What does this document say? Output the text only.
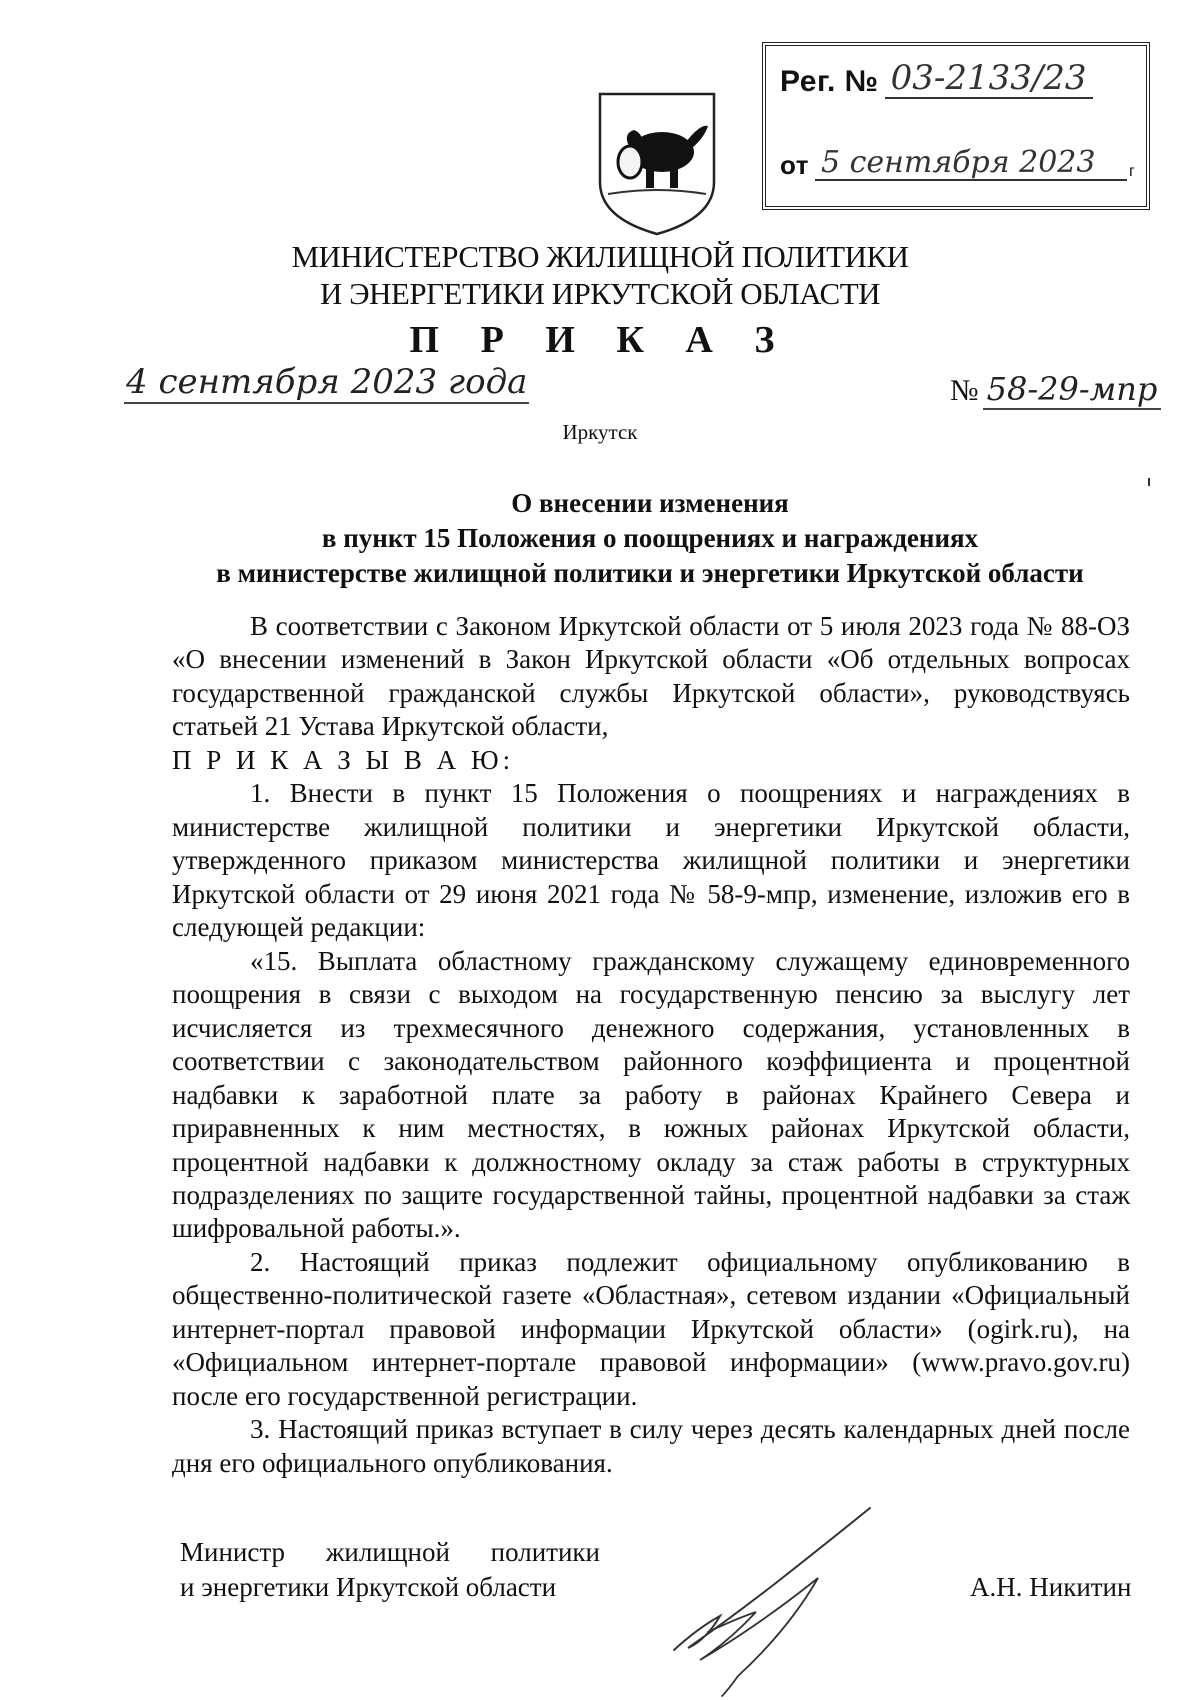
Рег. № 03-2133/23
от 5 сентября 2023	г
МИНИСТЕРСТВО ЖИЛИЩНОЙ ПОЛИТИКИ
И ЭНЕРГЕТИКИ ИРКУТСКОЙ ОБЛАСТИ
П Р И К А З
4 сентября 2023 года	№ 58-29-мпр
Иркутск
О внесении изменения
в пункт 15 Положения о поощрениях и награждениях
в министерстве жилищной политики и энергетики Иркутской области

В соответствии с Законом Иркутской области от 5 июля 2023 года № 88-ОЗ «О внесении изменений в Закон Иркутской области «Об отдельных вопросах государственной гражданской службы Иркутской области», руководствуясь статьей 21 Устава Иркутской области,

П Р И К А З Ы В А Ю:

1. Внести в пункт 15 Положения о поощрениях и награждениях в министерстве жилищной политики и энергетики Иркутской области, утвержденного приказом министерства жилищной политики и энергетики Иркутской области от 29 июня 2021 года № 58-9-мпр, изменение, изложив его в следующей редакции:

«15. Выплата областному гражданскому служащему единовременного поощрения в связи с выходом на государственную пенсию за выслугу лет исчисляется из трехмесячного денежного содержания, установленных в соответствии с законодательством районного коэффициента и процентной надбавки к заработной плате за работу в районах Крайнего Севера и приравненных к ним местностях, в южных районах Иркутской области, процентной надбавки к должностному окладу за стаж работы в структурных подразделениях по защите государственной тайны, процентной надбавки за стаж шифровальной работы.».

2. Настоящий приказ подлежит официальному опубликованию в общественно-политической газете «Областная», сетевом издании «Официальный интернет-портал правовой информации Иркутской области» (ogirk.ru), на «Официальном интернет-портале правовой информации» (www.pravo.gov.ru) после его государственной регистрации.

3. Настоящий приказ вступает в силу через десять календарных дней после дня его официального опубликования.

Министр жилищной политики
и энергетики Иркутской области	А.Н. Никитин
